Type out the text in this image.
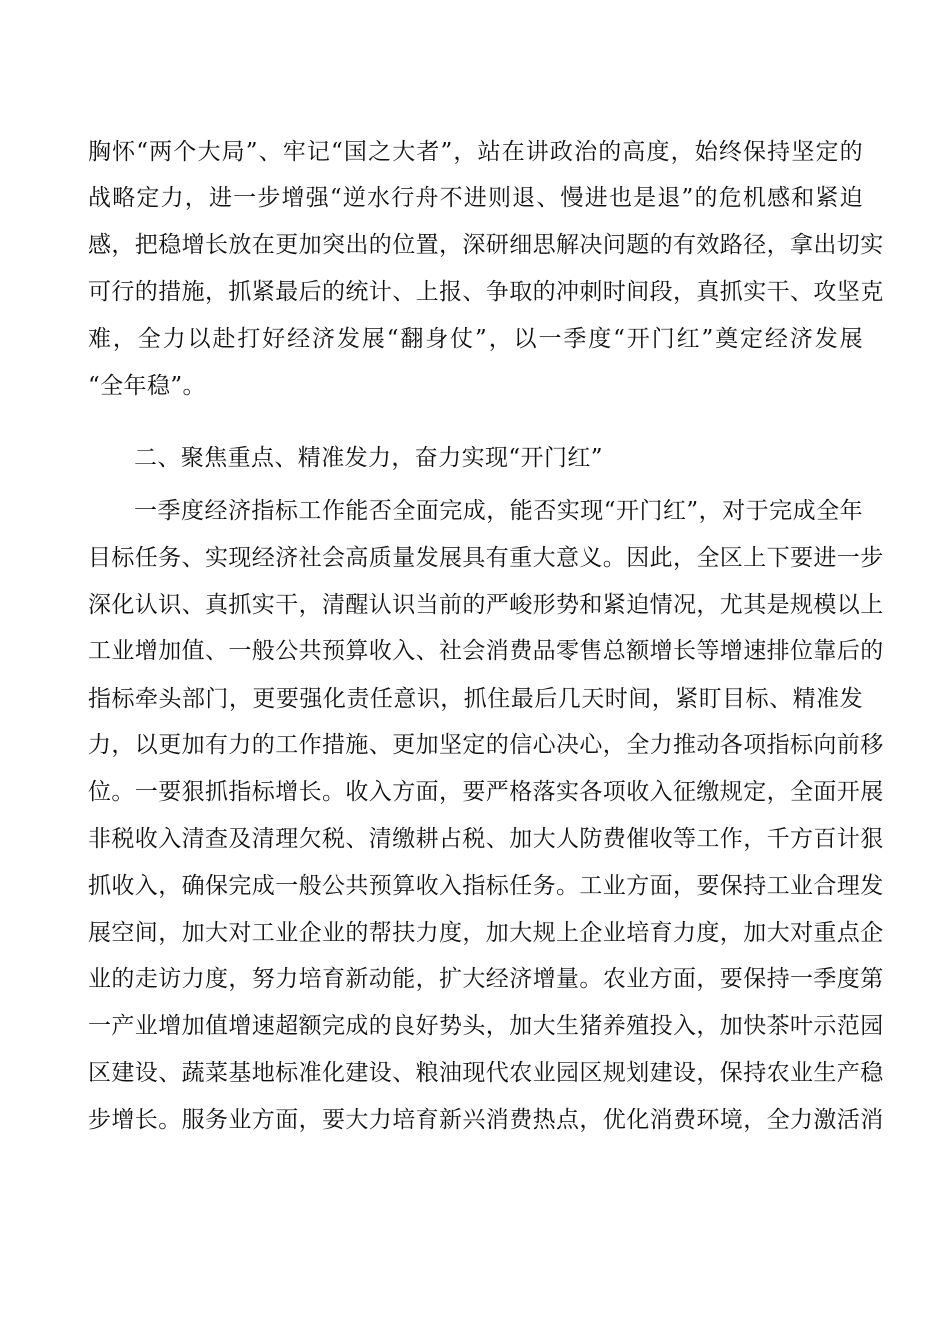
胸怀“两个大局”、牢记“国之大者”，站在讲政治的高度，始终保持坚定的
战略定力，进一步增强“逆水行舟不进则退、慢进也是退”的危机感和紧迫
感，把稳增长放在更加突出的位置，深研细思解决问题的有效路径，拿出切实
可行的措施，抓紧最后的统计、上报、争取的冲刺时间段，真抓实干、攻坚克
难，全力以赴打好经济发展“翻身仗”，以一季度“开门红”奠定经济发展
“全年稳”。
二、聚焦重点、精准发力，奋力实现“开门红”
一季度经济指标工作能否全面完成，能否实现“开门红”，对于完成全年
目标任务、实现经济社会高质量发展具有重大意义。因此，全区上下要进一步
深化认识、真抓实干，清醒认识当前的严峻形势和紧迫情况，尤其是规模以上
工业增加值、一般公共预算收入、社会消费品零售总额增长等增速排位靠后的
指标牵头部门，更要强化责任意识，抓住最后几天时间，紧盯目标、精准发
力，以更加有力的工作措施、更加坚定的信心决心，全力推动各项指标向前移
位。一要狠抓指标增长。收入方面，要严格落实各项收入征缴规定，全面开展
非税收入清查及清理欠税、清缴耕占税、加大人防费催收等工作，千方百计狠
抓收入，确保完成一般公共预算收入指标任务。工业方面，要保持工业合理发
展空间，加大对工业企业的帮扶力度，加大规上企业培育力度，加大对重点企
业的走访力度，努力培育新动能，扩大经济增量。农业方面，要保持一季度第
一产业增加值增速超额完成的良好势头，加大生猪养殖投入，加快茶叶示范园
区建设、蔬菜基地标准化建设、粮油现代农业园区规划建设，保持农业生产稳
步增长。服务业方面，要大力培育新兴消费热点，优化消费环境，全力激活消
